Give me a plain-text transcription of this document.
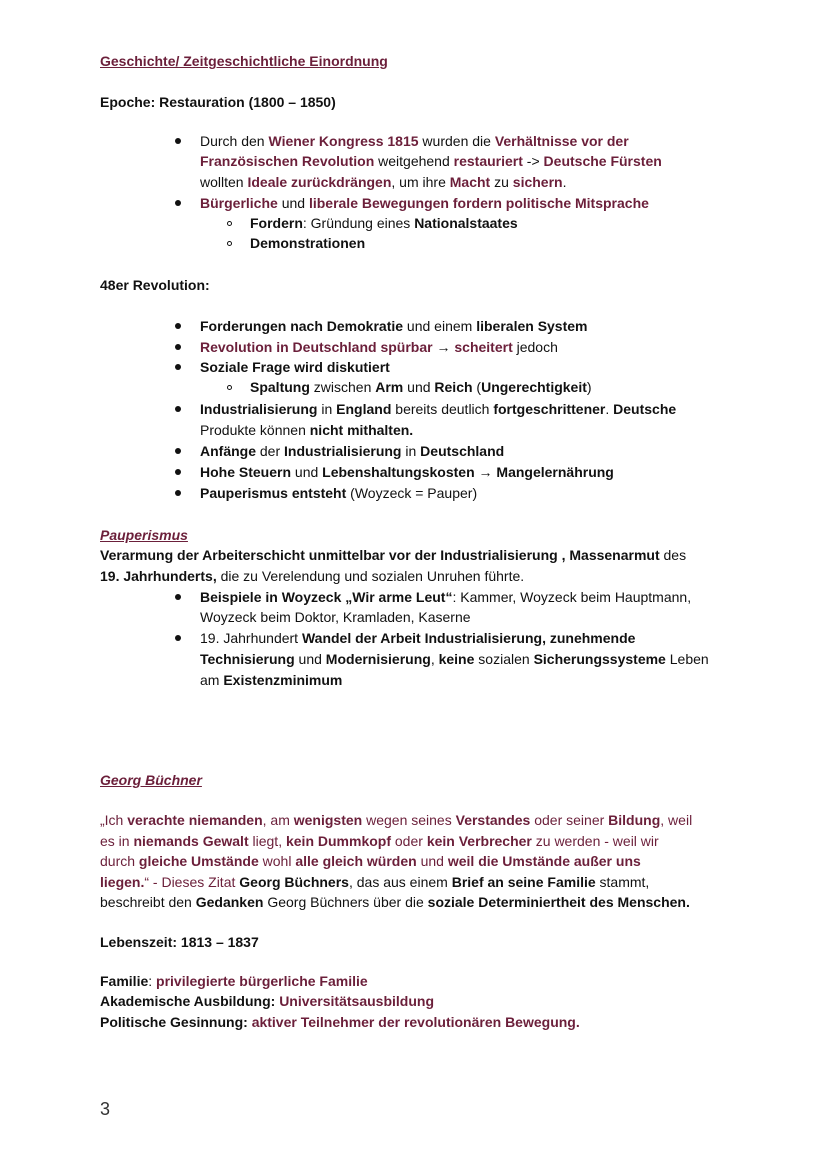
Geschichte/ Zeitgeschichtliche Einordnung
Epoche: Restauration (1800 – 1850)
Durch den Wiener Kongress 1815 wurden die Verhältnisse vor der
Französischen Revolution weitgehend restauriert -> Deutsche Fürsten
wollten Ideale zurückdrängen, um ihre Macht zu sichern.
Bürgerliche und liberale Bewegungen fordern politische Mitsprache
Fordern: Gründung eines Nationalstaates
Demonstrationen
48er Revolution:
Forderungen nach Demokratie und einem liberalen System
Revolution in Deutschland spürbar → scheitert jedoch
Soziale Frage wird diskutiert
Spaltung zwischen Arm und Reich (Ungerechtigkeit)
Industrialisierung in England bereits deutlich fortgeschrittener. Deutsche
Produkte können nicht mithalten.
Anfänge der Industrialisierung in Deutschland
Hohe Steuern und Lebenshaltungskosten → Mangelernährung
Pauperismus entsteht (Woyzeck = Pauper)
Pauperismus
Verarmung der Arbeiterschicht unmittelbar vor der Industrialisierung , Massenarmut des
19. Jahrhunderts, die zu Verelendung und sozialen Unruhen führte.
Beispiele in Woyzeck „Wir arme Leut“: Kammer, Woyzeck beim Hauptmann,
Woyzeck beim Doktor, Kramladen, Kaserne
19. Jahrhundert Wandel der Arbeit Industrialisierung, zunehmende
Technisierung und Modernisierung, keine sozialen Sicherungssysteme Leben
am Existenzminimum
Georg Büchner
„Ich verachte niemanden, am wenigsten wegen seines Verstandes oder seiner Bildung, weil
es in niemands Gewalt liegt, kein Dummkopf oder kein Verbrecher zu werden - weil wir
durch gleiche Umstände wohl alle gleich würden und weil die Umstände außer uns
liegen.“ - Dieses Zitat Georg Büchners, das aus einem Brief an seine Familie stammt,
beschreibt den Gedanken Georg Büchners über die soziale Determiniertheit des Menschen.
Lebenszeit: 1813 – 1837
Familie: privilegierte bürgerliche Familie
Akademische Ausbildung: Universitätsausbildung
Politische Gesinnung: aktiver Teilnehmer der revolutionären Bewegung.
3
